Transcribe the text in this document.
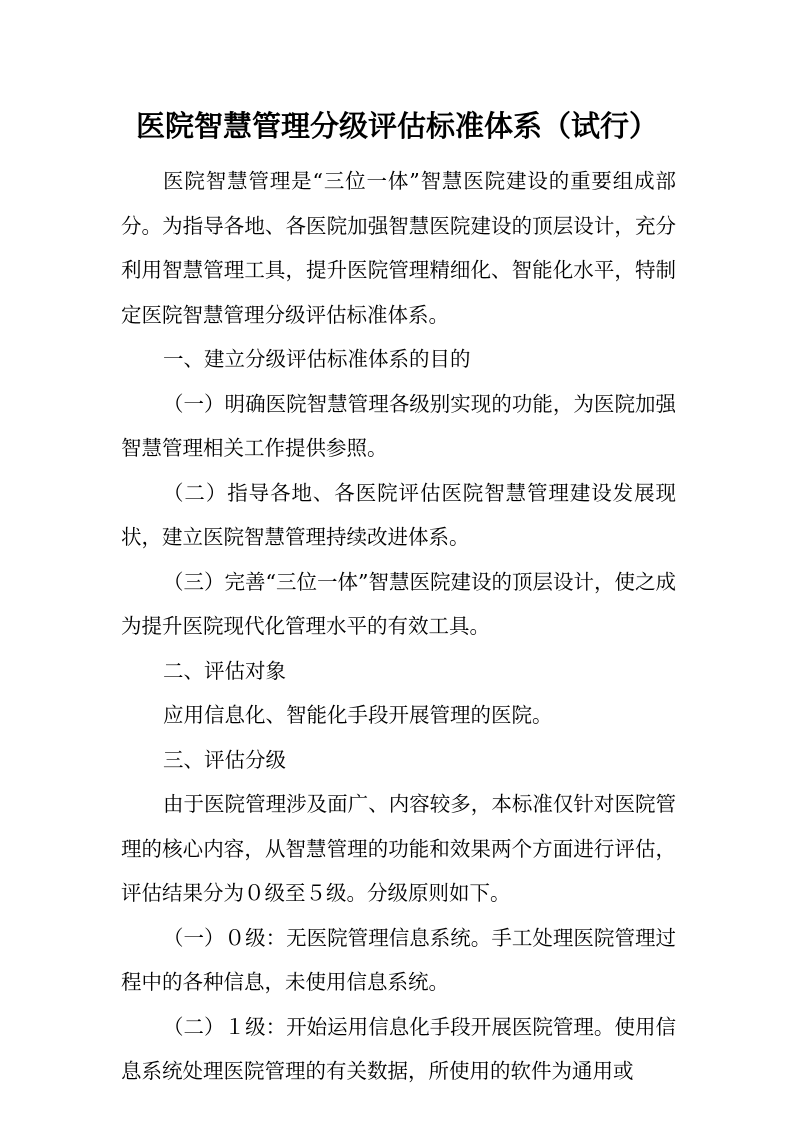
医院智慧管理分级评估标准体系（试行）

医院智慧管理是“三位一体”智慧医院建设的重要组成部分。为指导各地、各医院加强智慧医院建设的顶层设计，充分利用智慧管理工具，提升医院管理精细化、智能化水平，特制定医院智慧管理分级评估标准体系。

一、建立分级评估标准体系的目的

（一）明确医院智慧管理各级别实现的功能，为医院加强智慧管理相关工作提供参照。

（二）指导各地、各医院评估医院智慧管理建设发展现状，建立医院智慧管理持续改进体系。

（三）完善“三位一体”智慧医院建设的顶层设计，使之成为提升医院现代化管理水平的有效工具。

二、评估对象

应用信息化、智能化手段开展管理的医院。

三、评估分级

由于医院管理涉及面广、内容较多，本标准仅针对医院管理的核心内容，从智慧管理的功能和效果两个方面进行评估，评估结果分为０级至５级。分级原则如下。

（一）０级：无医院管理信息系统。手工处理医院管理过程中的各种信息，未使用信息系统。

（二）１级：开始运用信息化手段开展医院管理。使用信息系统处理医院管理的有关数据，所使用的软件为通用或
